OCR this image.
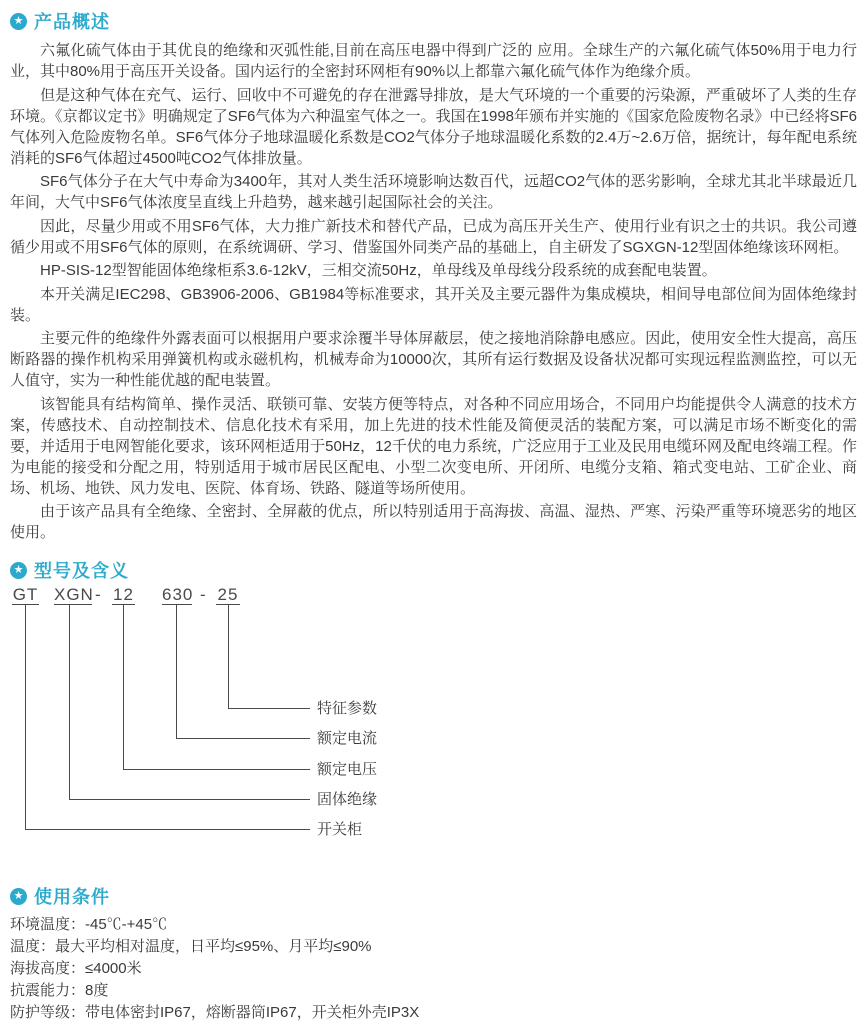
★ 产品概述

六氟化硫气体由于其优良的绝缘和灭弧性能,目前在高压电器中得到广泛的 应用。全球生产的六氟化硫气体50%用于电力行业，其中80%用于高压开关设备。国内运行的全密封环网柜有90%以上都靠六氟化硫气体作为绝缘介质。

但是这种气体在充气、运行、回收中不可避免的存在泄露导排放，是大气环境的一个重要的污染源，严重破坏了人类的生存环境。《京都议定书》明确规定了SF6气体为六种温室气体之一。我国在1998年颁布并实施的《国家危险废物名录》中已经将SF6气体列入危险废物名单。SF6气体分子地球温暖化系数是CO2气体分子地球温暖化系数的2.4万~2.6万倍，据统计，每年配电系统消耗的SF6气体超过4500吨CO2气体排放量。

SF6气体分子在大气中寿命为3400年，其对人类生活环境影响达数百代，远超CO2气体的恶劣影响，全球尤其北半球最近几年间，大气中SF6气体浓度呈直线上升趋势，越来越引起国际社会的关注。

因此，尽量少用或不用SF6气体，大力推广新技术和替代产品，已成为高压开关生产、使用行业有识之士的共识。我公司遵循少用或不用SF6气体的原则，在系统调研、学习、借鉴国外同类产品的基础上，自主研发了SGXGN-12型固体绝缘该环网柜。

HP-SIS-12型智能固体绝缘柜系3.6-12kV，三相交流50Hz，单母线及单母线分段系统的成套配电装置。

本开关满足IEC298、GB3906-2006、GB1984等标准要求，其开关及主要元器件为集成模块，相间导电部位间为固体绝缘封装。

主要元件的绝缘件外露表面可以根据用户要求涂覆半导体屏蔽层，使之接地消除静电感应。因此，使用安全性大提高，高压断路器的操作机构采用弹簧机构或永磁机构，机械寿命为10000次，其所有运行数据及设备状况都可实现远程监测监控，可以无人值守，实为一种性能优越的配电装置。

该智能具有结构简单、操作灵活、联锁可靠、安装方便等特点，对各种不同应用场合，不同用户均能提供令人满意的技术方案，传感技术、自动控制技术、信息化技术有采用，加上先进的技术性能及简便灵活的装配方案，可以满足市场不断变化的需要，并适用于电网智能化要求，该环网柜适用于50Hz，12千伏的电力系统，广泛应用于工业及民用电缆环网及配电终端工程。作为电能的接受和分配之用，特别适用于城市居民区配电、小型二次变电所、开闭所、电缆分支箱、箱式变电站、工矿企业、商场、机场、地铁、风力发电、医院、体育场、铁路、隧道等场所使用。

由于该产品具有全绝缘、全密封、全屏蔽的优点，所以特别适用于高海拔、高温、湿热、严寒、污染严重等环境恶劣的地区使用。

★ 型号及含义
GT XGN - 12 630 - 25
特征参数
额定电流
额定电压
固体绝缘
开关柜
★ 使用条件
环境温度：-45℃-+45℃
温度：最大平均相对温度，日平均≤95%、月平均≤90%
海拔高度：≤4000米
抗震能力：8度
防护等级：带电体密封IP67，熔断器筒IP67，开关柜外壳IP3X
